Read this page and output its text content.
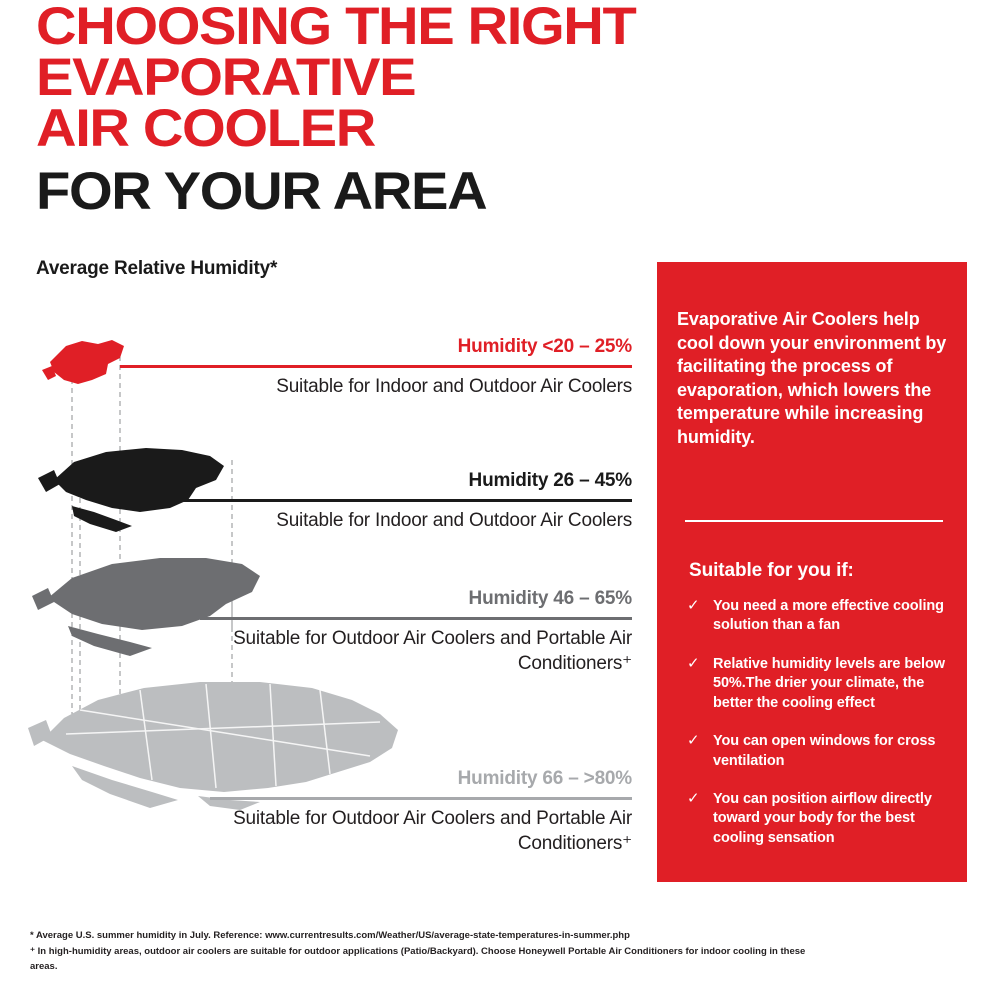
CHOOSING THE RIGHT
EVAPORATIVE
AIR COOLER
FOR YOUR AREA
Average Relative Humidity*
Humidity <20 – 25%
Suitable for Indoor and Outdoor Air Coolers
Humidity 26 – 45%
Suitable for Indoor and Outdoor Air Coolers
Humidity 46 – 65%
Suitable for Outdoor Air Coolers and Portable Air Conditioners⁺
Humidity 66 – >80%
Suitable for Outdoor Air Coolers and Portable Air Conditioners⁺
Evaporative Air Coolers help cool down your environment by facilitating the process of evaporation, which lowers the temperature while increasing humidity.
Suitable for you if:
✓ You need a more effective cooling solution than a fan
✓ Relative humidity levels are below 50%.The drier your climate, the better the cooling effect
✓ You can open windows for cross ventilation
✓ You can position airflow directly toward your body for the best cooling sensation
* Average U.S. summer humidity in July. Reference: www.currentresults.com/Weather/US/average-state-temperatures-in-summer.php
⁺ In high-humidity areas, outdoor air coolers are suitable for outdoor applications (Patio/Backyard). Choose Honeywell Portable Air Conditioners for indoor cooling in these areas.
